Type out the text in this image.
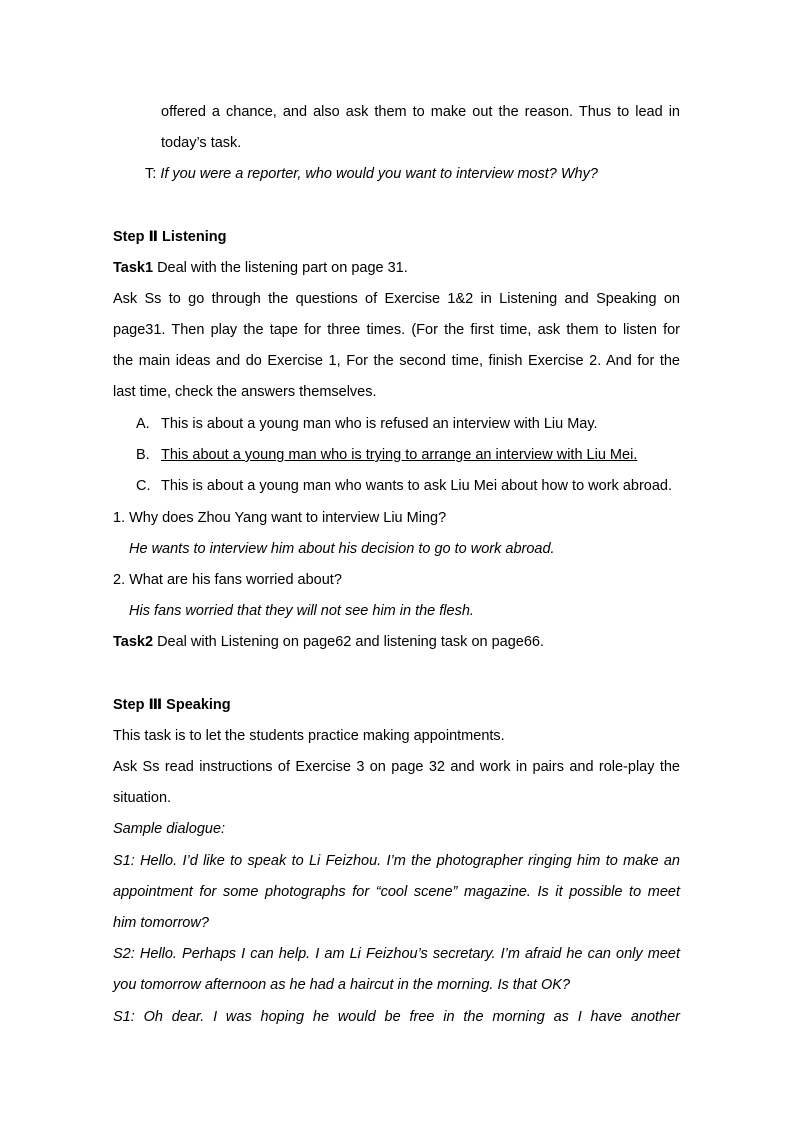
offered a chance, and also ask them to make out the reason. Thus to lead in
today’s task.
T: If you were a reporter, who would you want to interview most? Why?
Step Ⅱ Listening
Task1 Deal with the listening part on page 31.
Ask Ss to go through the questions of Exercise 1&2 in Listening and Speaking on
page31. Then play the tape for three times. (For the first time, ask them to listen for
the main ideas and do Exercise 1, For the second time, finish Exercise 2. And for the
last time, check the answers themselves.
A. This is about a young man who is refused an interview with Liu May.
B. This about a young man who is trying to arrange an interview with Liu Mei.
C. This is about a young man who wants to ask Liu Mei about how to work abroad.
1. Why does Zhou Yang want to interview Liu Ming?
He wants to interview him about his decision to go to work abroad.
2. What are his fans worried about?
His fans worried that they will not see him in the flesh.
Task2 Deal with Listening on page62 and listening task on page66.
Step Ⅲ Speaking
This task is to let the students practice making appointments.
Ask Ss read instructions of Exercise 3 on page 32 and work in pairs and role-play the
situation.
Sample dialogue:
S1: Hello. I’d like to speak to Li Feizhou. I’m the photographer ringing him to make an
appointment for some photographs for “cool scene” magazine. Is it possible to meet
him tomorrow?
S2: Hello. Perhaps I can help. I am Li Feizhou’s secretary. I’m afraid he can only meet
you tomorrow afternoon as he had a haircut in the morning. Is that OK?
S1: Oh dear. I was hoping he would be free in the morning as I have another
